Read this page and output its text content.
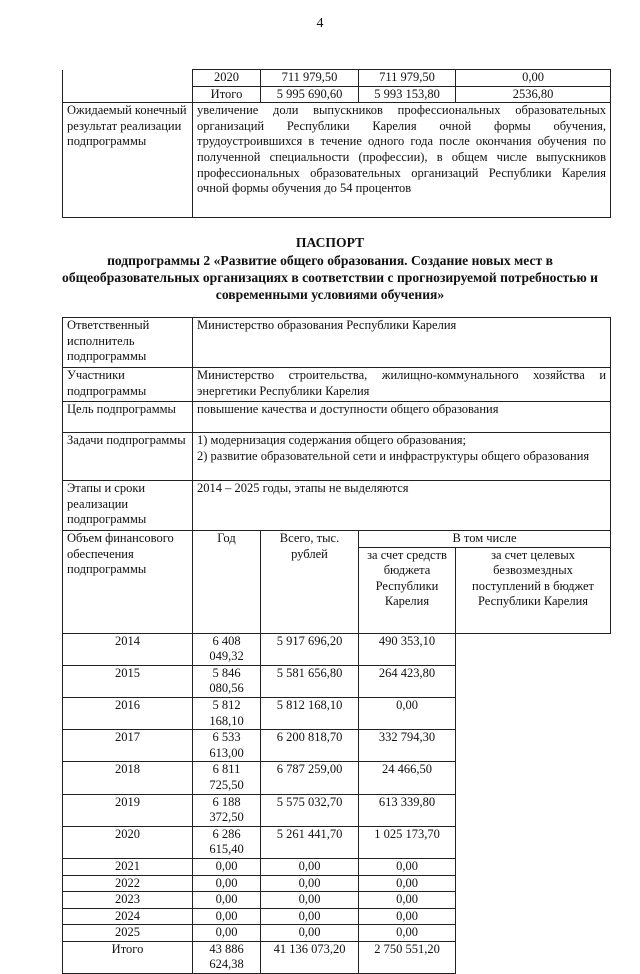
4
	2020	711 979,50	711 979,50	0,00
	Итого	5 995 690,60	5 993 153,80	2536,80
Ожидаемый конечный результат реализации подпрограммы	увеличение доли выпускников профессиональных образовательных организаций Республики Карелия очной формы обучения, трудоустроившихся в течение одного года после окончания обучения по полученной специальности (профессии), в общем числе выпускников профессиональных образовательных организаций Республики Карелия очной формы обучения до 54 процентов			
ПАСПОРТ
подпрограммы 2 «Развитие общего образования. Создание новых мест в общеобразовательных организациях в соответствии с прогнозируемой потребностью и современными условиями обучения»
Ответственный исполнитель подпрограммы	Министерство образования Республики Карелия			
Участники подпрограммы	Министерство строительства, жилищно-коммунального хозяйства и энергетики Республики Карелия			
Цель подпрограммы	повышение качества и доступности общего образования			
Задачи подпрограммы	1) модернизация содержания общего образования;
2) развитие образовательной сети и инфраструктуры общего образования			

Этапы и сроки реализации подпрограммы	2014 – 2025 годы, этапы не выделяются			
Объем финансового обеспечения подпрограммы	Год	Всего, тыс. рублей	В том числе	
			за счет средств бюджета Республики Карелия	за счет целевых безвозмездных поступлений в бюджет Республики Карелия
2014	6 408 049,32	5 917 696,20	490 353,10	
2015	5 846 080,56	5 581 656,80	264 423,80	
2016	5 812 168,10	5 812 168,10	0,00	
2017	6 533 613,00	6 200 818,70	332 794,30	
2018	6 811 725,50	6 787 259,00	24 466,50	
2019	6 188 372,50	5 575 032,70	613 339,80	
2020	6 286 615,40	5 261 441,70	1 025 173,70	
2021	0,00	0,00	0,00	
2022	0,00	0,00	0,00	
2023	0,00	0,00	0,00	
2024	0,00	0,00	0,00	
2025	0,00	0,00	0,00	
Итого	43 886 624,38	41 136 073,20	2 750 551,20	
